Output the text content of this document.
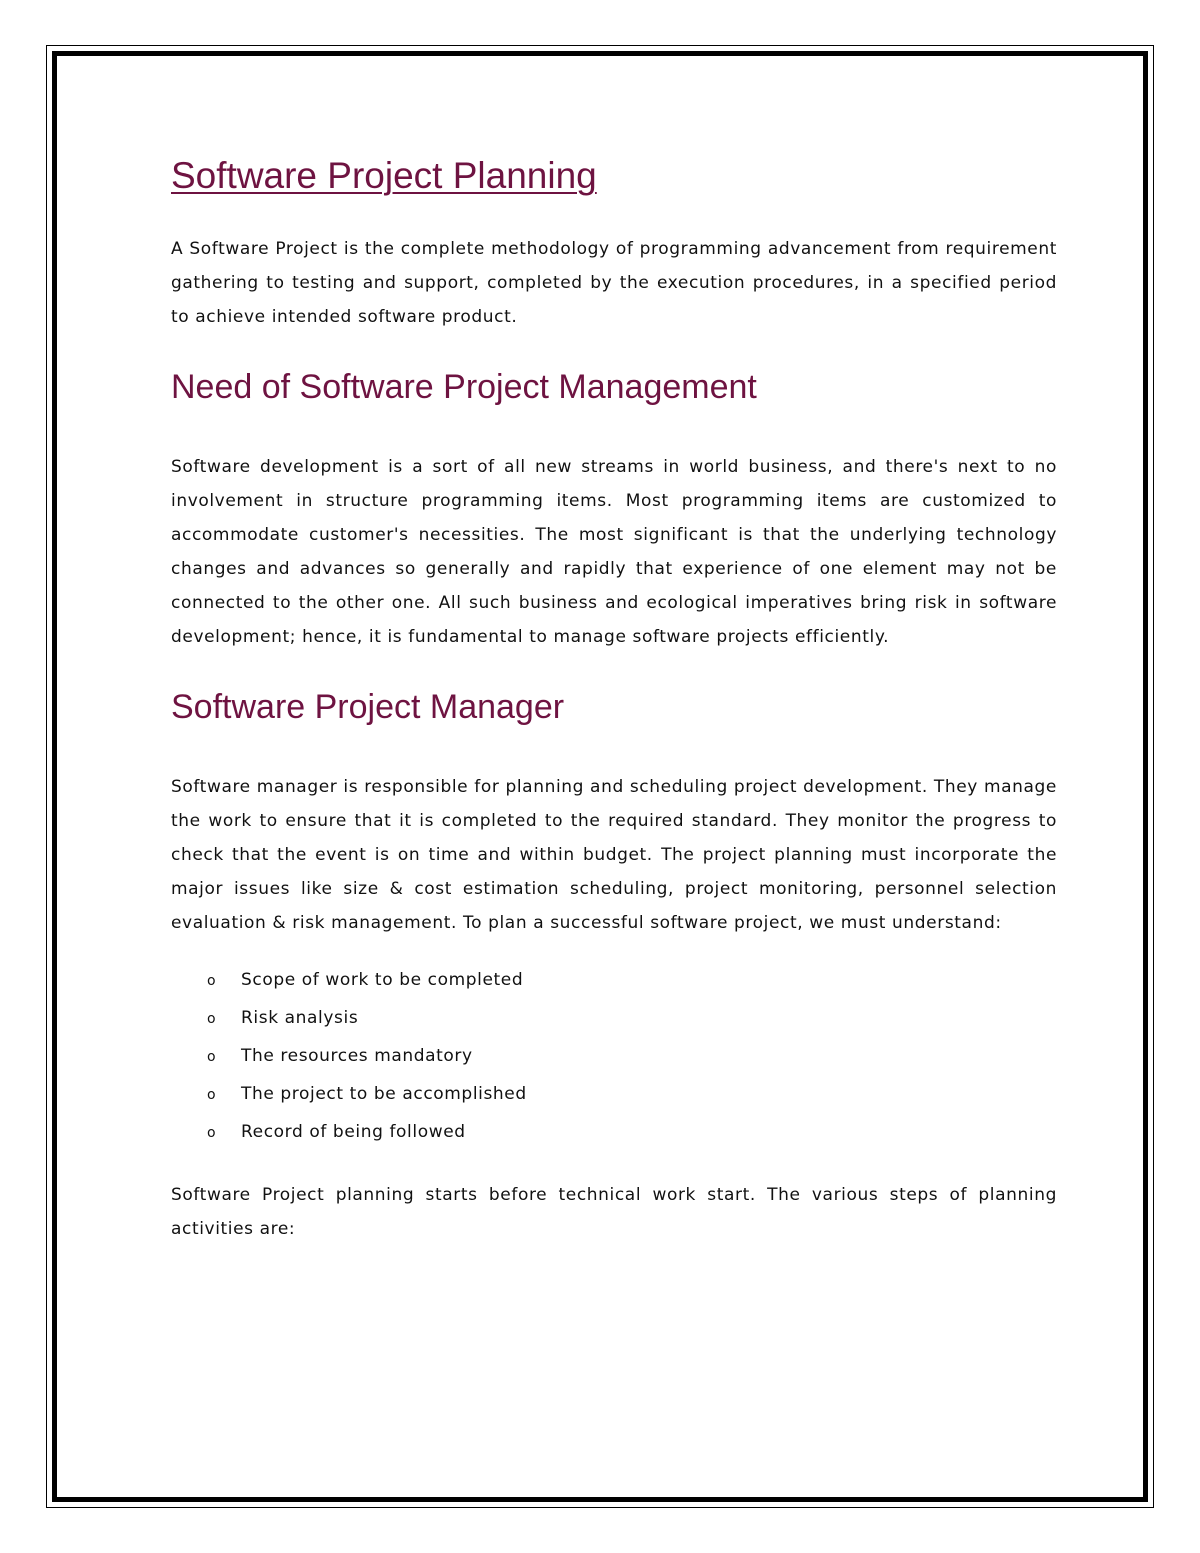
Software Project Planning

A Software Project is the complete methodology of programming advancement from requirement gathering to testing and support, completed by the execution procedures, in a specified period to achieve intended software product.

Need of Software Project Management

Software development is a sort of all new streams in world business, and there's next to no involvement in structure programming items. Most programming items are customized to accommodate customer's necessities. The most significant is that the underlying technology changes and advances so generally and rapidly that experience of one element may not be connected to the other one. All such business and ecological imperatives bring risk in software development; hence, it is fundamental to manage software projects efficiently.

Software Project Manager

Software manager is responsible for planning and scheduling project development. They manage the work to ensure that it is completed to the required standard. They monitor the progress to check that the event is on time and within budget. The project planning must incorporate the major issues like size & cost estimation scheduling, project monitoring, personnel selection evaluation & risk management. To plan a successful software project, we must understand:

o	Scope of work to be completed
o	Risk analysis
o	The resources mandatory
o	The project to be accomplished
o	Record of being followed

Software Project planning starts before technical work start. The various steps of planning activities are:
